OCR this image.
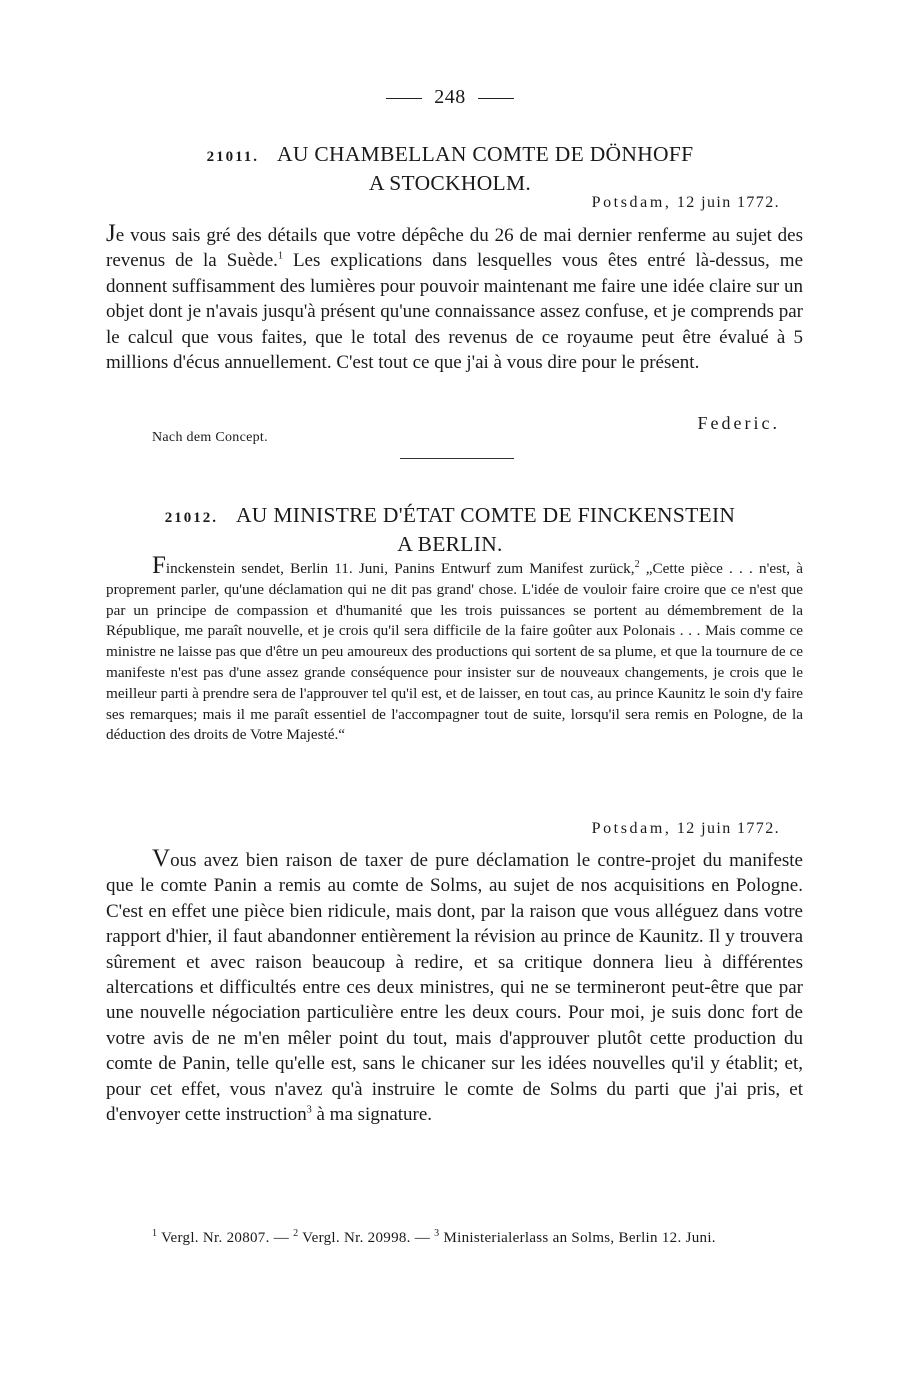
248
21011. AU CHAMBELLAN COMTE DE DÖNHOFF
A STOCKHOLM.
Potsdam, 12 juin 1772.
Je vous sais gré des détails que votre dépêche du 26 de mai dernier renferme au sujet des revenus de la Suède.$^1$ Les explications dans lesquelles vous êtes entré là-dessus, me donnent suffisamment des lumières pour pouvoir maintenant me faire une idée claire sur un objet dont je n'avais jusqu'à présent qu'une connaissance assez confuse, et je comprends par le calcul que vous faites, que le total des revenus de ce royaume peut être évalué à 5 millions d'écus annuellement. C'est tout ce que j'ai à vous dire pour le présent.
Federic.
Nach dem Concept.
21012. AU MINISTRE D'ÉTAT COMTE DE FINCKENSTEIN
A BERLIN.
Finckenstein sendet, Berlin 11. Juni, Panins Entwurf zum Manifest zurück,$^2$ „Cette pièce . . . n'est, à proprement parler, qu'une déclamation qui ne dit pas grand' chose. L'idée de vouloir faire croire que ce n'est que par un principe de compassion et d'humanité que les trois puissances se portent au démembrement de la République, me paraît nouvelle, et je crois qu'il sera difficile de la faire goûter aux Polonais . . . Mais comme ce ministre ne laisse pas que d'être un peu amoureux des productions qui sortent de sa plume, et que la tournure de ce manifeste n'est pas d'une assez grande conséquence pour insister sur de nouveaux changements, je crois que le meilleur parti à prendre sera de l'approuver tel qu'il est, et de laisser, en tout cas, au prince Kaunitz le soin d'y faire ses remarques; mais il me paraît essentiel de l'accompagner tout de suite, lorsqu'il sera remis en Pologne, de la déduction des droits de Votre Majesté.“
Potsdam, 12 juin 1772.
Vous avez bien raison de taxer de pure déclamation le contre-projet du manifeste que le comte Panin a remis au comte de Solms, au sujet de nos acquisitions en Pologne. C'est en effet une pièce bien ridicule, mais dont, par la raison que vous alléguez dans votre rapport d'hier, il faut abandonner entièrement la révision au prince de Kaunitz. Il y trouvera sûrement et avec raison beaucoup à redire, et sa critique donnera lieu à différentes altercations et difficultés entre ces deux ministres, qui ne se termineront peut-être que par une nouvelle négociation particulière entre les deux cours. Pour moi, je suis donc fort de votre avis de ne m'en mêler point du tout, mais d'approuver plutôt cette production du comte de Panin, telle qu'elle est, sans le chicaner sur les idées nouvelles qu'il y établit; et, pour cet effet, vous n'avez qu'à instruire le comte de Solms du parti que j'ai pris, et d'envoyer cette instruction$^3$ à ma signature.
$^1$ Vergl. Nr. 20807. — $^2$ Vergl. Nr. 20998. — $^3$ Ministerialerlass an Solms, Berlin 12. Juni.
